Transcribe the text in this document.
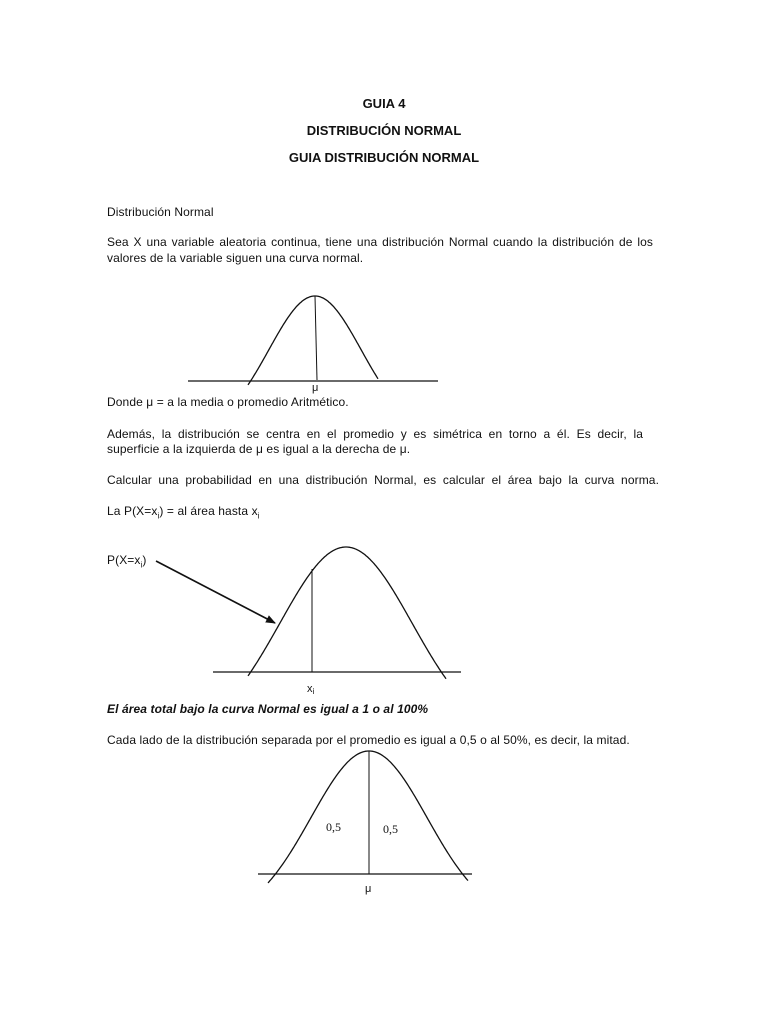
GUIA 4
DISTRIBUCIÓN NORMAL
GUIA DISTRIBUCIÓN NORMAL
Distribución Normal
Sea X una variable aleatoria continua, tiene una distribución Normal cuando la distribución de los
valores de la variable siguen una curva normal.
μ
Donde μ = a la media o promedio Aritmético.
Además, la distribución se centra en el promedio y es simétrica en torno a él. Es decir, la
superficie a la izquierda de μ es igual a la derecha de μ.
Calcular una probabilidad en una distribución Normal, es calcular el área bajo la curva norma.
La $P(X=x_i)$ = al área hasta $x_i$
$P(X=x_i)$
xi
El área total bajo la curva Normal es igual a 1 o al 100%
Cada lado de la distribución separada por el promedio es igual a 0,5 o al 50%, es decir, la mitad.
0,5	0,5
μ
